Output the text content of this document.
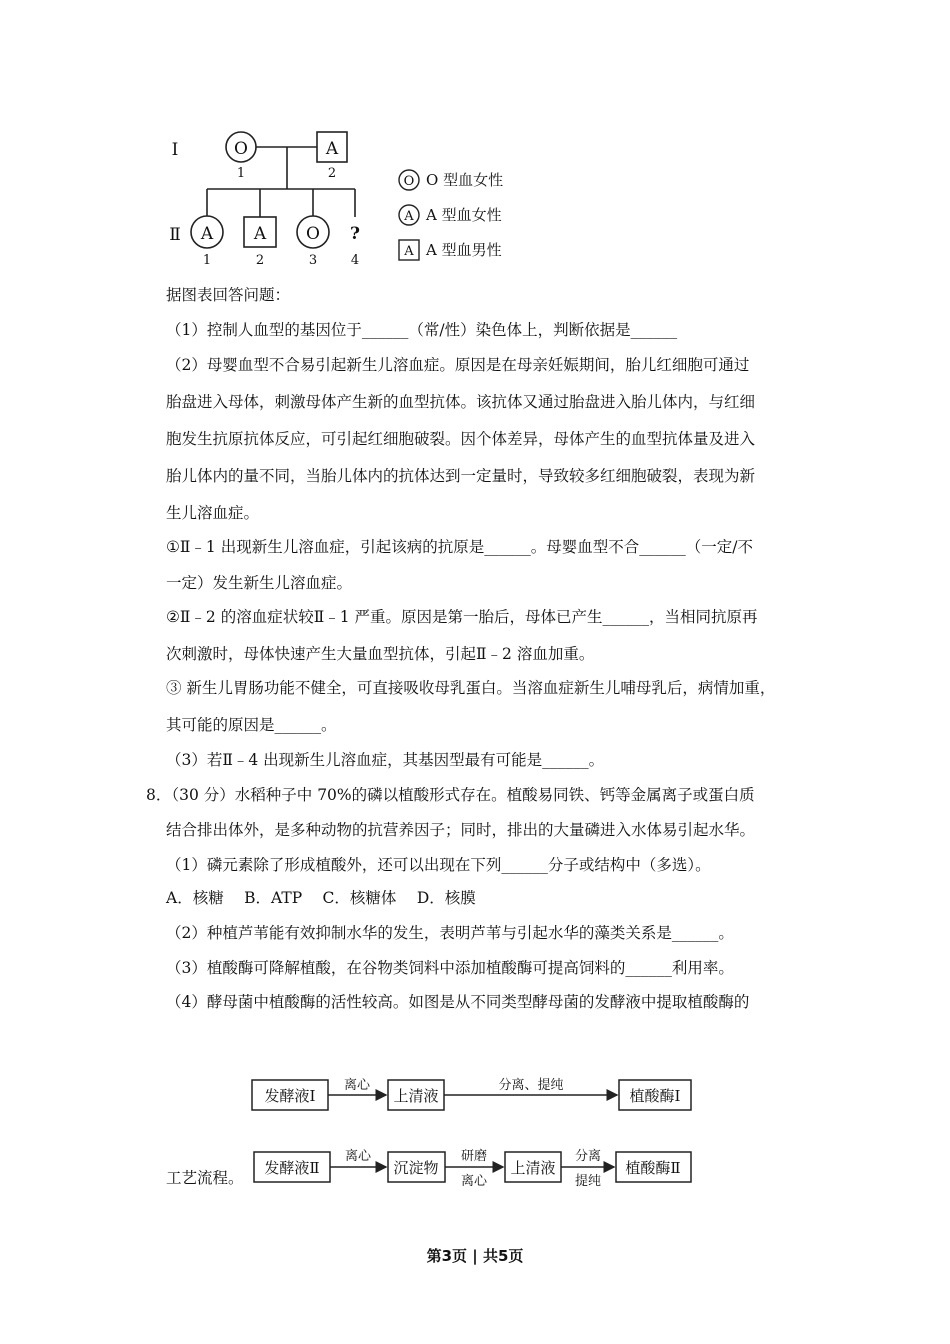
Ⅰ
Ⅱ
O	A
A A O ?
1	2
1	2	3	4
O
A
A
O 型血女性
A 型血女性
A 型血男性
据图表回答问题：
（1）控制人血型的基因位于______（常/性）染色体上，判断依据是______
（2）母婴血型不合易引起新生儿溶血症。原因是在母亲妊娠期间，胎儿红细胞可通过
胎盘进入母体，刺激母体产生新的血型抗体。该抗体又通过胎盘进入胎儿体内，与红细
胞发生抗原抗体反应，可引起红细胞破裂。因个体差异，母体产生的血型抗体量及进入
胎儿体内的量不同，当胎儿体内的抗体达到一定量时，导致较多红细胞破裂，表现为新
生儿溶血症。
①Ⅱ﹣1 出现新生儿溶血症，引起该病的抗原是______。母婴血型不合______（一定/不
一定）发生新生儿溶血症。
②Ⅱ﹣2 的溶血症状较Ⅱ﹣1 严重。原因是第一胎后，母体已产生______，当相同抗原再
次刺激时，母体快速产生大量血型抗体，引起Ⅱ﹣2 溶血加重。
③ 新生儿胃肠功能不健全，可直接吸收母乳蛋白。当溶血症新生儿哺母乳后，病情加重，
其可能的原因是______。
（3）若Ⅱ﹣4 出现新生儿溶血症，其基因型最有可能是______。
8．（30 分）水稻种子中 70%的磷以植酸形式存在。植酸易同铁、钙等金属离子或蛋白质
结合排出体外，是多种动物的抗营养因子；同时，排出的大量磷进入水体易引起水华。
（1）磷元素除了形成植酸外，还可以出现在下列______分子或结构中（多选）。
A．核糖　 B．ATP　 C．核糖体　 D．核膜
（2）种植芦苇能有效抑制水华的发生，表明芦苇与引起水华的藻类关系是______。
（3）植酸酶可降解植酸，在谷物类饲料中添加植酸酶可提高饲料的______利用率。
（4）酵母菌中植酸酶的活性较高。如图是从不同类型酵母菌的发酵液中提取植酸酶的
工艺流程。
发酵液Ⅰ	上清液	植酸酶Ⅰ
离心	分离、提纯
发酵液Ⅱ	沉淀物	上清液	植酸酶Ⅱ
离心	研磨
离心
分离
提纯
第3页 | 共5页
